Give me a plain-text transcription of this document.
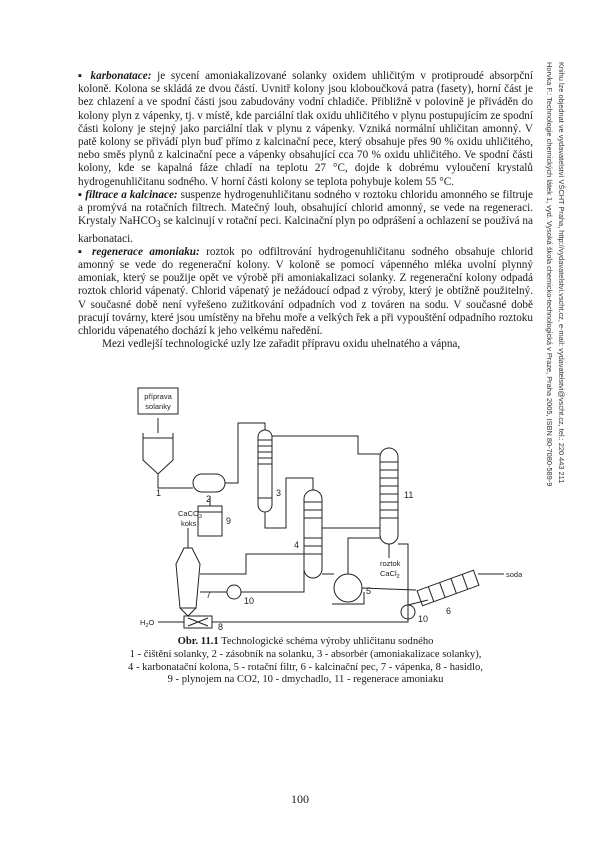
▪ karbonatace: je sycení amoniakalizované solanky oxidem uhličitým v protiproudé absorpční koloně. Kolona se skládá ze dvou částí. Uvnitř kolony jsou kloboučková patra (fasety), horní část je bez chlazení a ve spodní části jsou zabudovány vodní chladiče. Přibližně v polovině je přiváděn do kolony plyn z vápenky, tj. v místě, kde parciální tlak oxidu uhličitého v plynu postupujícím ze spodní části kolony je stejný jako parciální tlak v plynu z vápenky. Vzniká normální uhličitan amonný. V patě kolony se přivádí plyn buď přímo z kalcinační pece, který obsahuje přes 90 % oxidu uhličitého, nebo směs plynů z kalcinační pece a vápenky obsahující cca 70 % oxidu uhličitého. Ve spodní části kolony, kde se kapalná fáze chladí na teplotu 27 °C, dojde k dobrému vyloučení krystalů hydrogenuhličitanu sodného. V horní části kolony se teplota pohybuje kolem 55 °C.

▪ filtrace a kalcinace: suspenze hydrogenuhličitanu sodného v roztoku chloridu amonného se filtruje a promývá na rotačních filtrech. Matečný louh, obsahující chlorid amonný, se vede na regeneraci. Krystaly NaHCO$_3$ se kalcinují v rotační peci. Kalcinační plyn po odprášení a ochlazení se používá na karbonataci.

▪ regenerace amoniaku: roztok po odfiltrování hydrogenuhličitanu sodného obsahuje chlorid amonný se vede do regenerační kolony. V koloně se pomocí vápenného mléka uvolní plynný amoniak, který se použije opět ve výrobě při amoniakalizaci solanky. Z regenerační kolony odpadá roztok chlorid vápenatý. Chlorid vápenatý je nežádoucí odpad z výroby, který je obtížně použitelný. V současné době není vyřešeno zužitkování odpadních vod z továren na sodu. V současné době pracují továrny, které jsou umístěny na břehu moře a velkých řek a při vypouštění odpadního roztoku chloridu vápenatého dochází k jeho velkému naředění.

Mezi vedlejší technologické uzly lze zařadit přípravu oxidu uhelnatého a vápna,	Horvka F.: Technologie chemických látek 1, vyd. Vysoká škola chemicko-technologická v Praze, Praha 2005, ISBN 80-7080-589-9 Knihu lze objednat ve vydavatelství VŠCHT Praha, http://vydavatelstvi.vscht.cz, e-mail: vydavatelstvi@vscht.cz, tel.: 220 443 211
příprava
solanky
CaCO$_3$
koks
$H_2O$
soda
roztok
CaCl$_2$
1
2
3
4
5
6
7
8
9
10
10
11
Obr. 11.1 Technologické schéma výroby uhličitanu sodného
1 - čištění solanky, 2 - zásobník na solanku, 3 - absorbér (amoniakalizace solanky),
4 - karbonatační kolona, 5 - rotační filtr, 6 - kalcinační pec, 7 - vápenka, 8 - hasidlo,
9 - plynojem na CO2, 10 - dmychadlo, 11 - regenerace amoniaku
100
